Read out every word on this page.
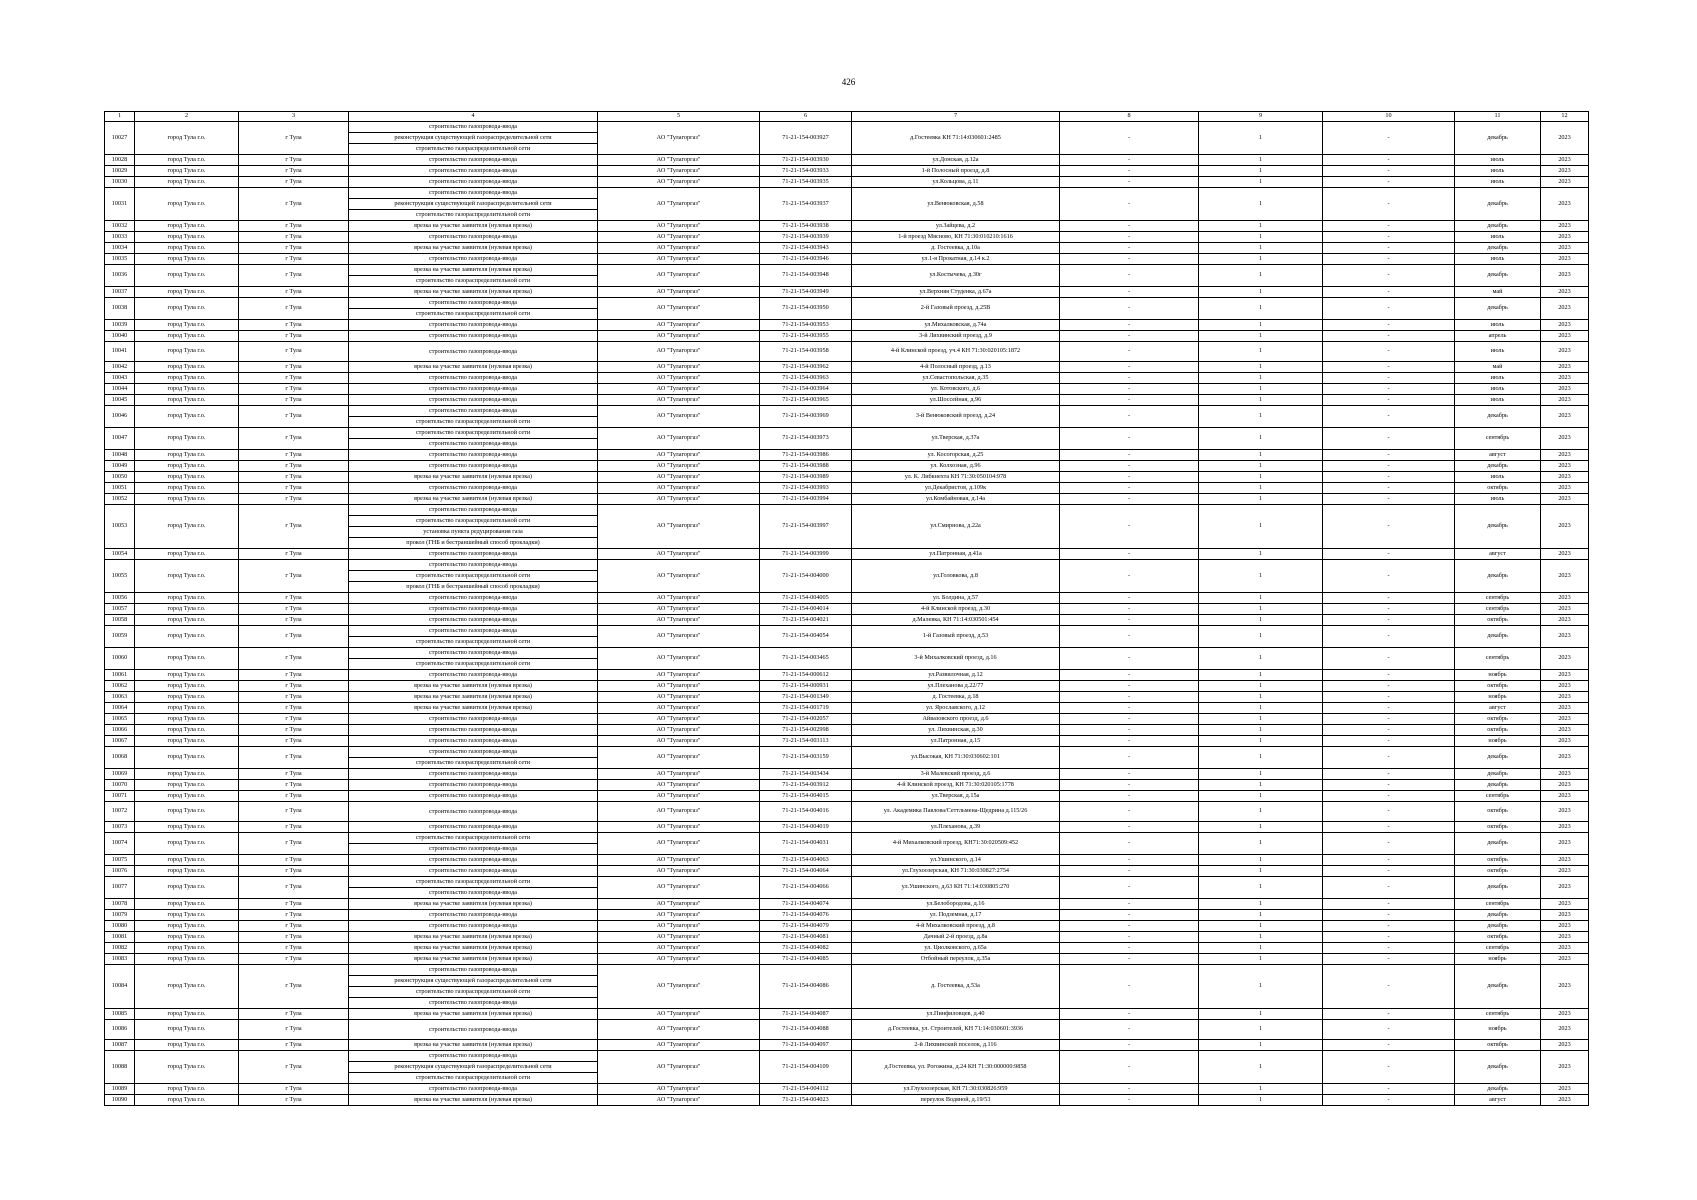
426
1	2	3	4	5	6	7	8	9	10	11	12
10027	город Тула г.о.	г Тула	строительство газопровода-ввода
реконструкция существующей газораспределительной сети
строительство газораспределительной сети	АО "Тулагоргаз"	71-21-154-003927	д.Гостеевка КН 71:14:030601:2485	-	1	-	декабрь	2023
10028	город Тула г.о.	г Тула	строительство газопровода-ввода	АО "Тулагоргаз"	71-21-154-003930	ул.Донская, д.12а	-	1	-	июль	2023
10029	город Тула г.о.	г Тула	строительство газопровода-ввода	АО "Тулагоргаз"	71-21-154-003933	1-й Полосный проезд, д.8	-	1	-	июль	2023
10030	город Тула г.о.	г Тула	строительство газопровода-ввода	АО "Тулагоргаз"	71-21-154-003935	ул.Кольцова, д.11	-	1	-	июль	2023
10031	город Тула г.о.	г Тула	строительство газопровода-ввода
реконструкция существующей газораспределительной сети
строительство газораспределительной сети	АО "Тулагоргаз"	71-21-154-003937	ул.Венюковская, д.58	-	1	-	декабрь	2023
10032	город Тула г.о.	г Тула	врезка на участке заявителя (нулевая врезка)	АО "Тулагоргаз"	71-21-154-003938	ул.Зайцева, д.2	-	1	-	декабрь	2023
10033	город Тула г.о.	г Тула	строительство газопровода-ввода	АО "Тулагоргаз"	71-21-154-003939	1-й проезд Мясново, КН 71:30:010210:1616	-	1	-	июль	2023
10034	город Тула г.о.	г Тула	врезка на участке заявителя (нулевая врезка)	АО "Тулагоргаз"	71-21-154-003943	д. Гостеевка, д.10а	-	1	-	декабрь	2023
10035	город Тула г.о.	г Тула	строительство газопровода-ввода	АО "Тулагоргаз"	71-21-154-003946	ул.1-я Прокатная, д.14 к.2	-	1	-	июль	2023
10036	город Тула г.о.	г Тула	врезка на участке заявителя (нулевая врезка)
строительство газораспределительной сети	АО "Тулагоргаз"	71-21-154-003948	ул.Костычева, д.30г	-	1	-	декабрь	2023
10037	город Тула г.о.	г Тула	врезка на участке заявителя (нулевая врезка)	АО "Тулагоргаз"	71-21-154-003949	ул.Верхняя Студенка, д.67а	-	1	-	май	2023
10038	город Тула г.о.	г Тула	строительство газопровода-ввода
строительство газораспределительной сети	АО "Тулагоргаз"	71-21-154-003950	2-й Газовый проезд, д.25В	-	1	-	декабрь	2023
10039	город Тула г.о.	г Тула	строительство газопровода-ввода	АО "Тулагоргаз"	71-21-154-003953	ул.Михалковская, д.74а	-	1	-	июль	2023
10040	город Тула г.о.	г Тула	строительство газопровода-ввода	АО "Тулагоргаз"	71-21-154-003955	3-й Лихвинский проезд, д.9	-	1	-	апрель	2023
10041	город Тула г.о.	г Тула	строительство газопровода-ввода	АО "Тулагоргаз"	71-21-154-003958	4-й Клинской проезд, уч.4 КН 71:30:020105:1872	-	1	-	июль	2023
10042	город Тула г.о.	г Тула	врезка на участке заявителя (нулевая врезка)	АО "Тулагоргаз"	71-21-154-003962	4-й Полосный проезд, д.13	-	1	-	май	2023
10043	город Тула г.о.	г Тула	строительство газопровода-ввода	АО "Тулагоргаз"	71-21-154-003963	ул.Севастопольская, д.35	-	1	-	июль	2023
10044	город Тула г.о.	г Тула	строительство газопровода-ввода	АО "Тулагоргаз"	71-21-154-003964	ул. Котовского, д.6	-	1	-	июль	2023
10045	город Тула г.о.	г Тула	строительство газопровода-ввода	АО "Тулагоргаз"	71-21-154-003965	ул.Шоссейная, д.96	-	1	-	июль	2023
10046	город Тула г.о.	г Тула	строительство газопровода-ввода
строительство газораспределительной сети	АО "Тулагоргаз"	71-21-154-003969	3-й Венюковский проезд, д.24	-	1	-	декабрь	2023
10047	город Тула г.о.	г Тула	строительство газораспределительной сети
строительство газопровода-ввода	АО "Тулагоргаз"	71-21-154-003973	ул.Тверская, д.37а	-	1	-	сентябрь	2023
10048	город Тула г.о.	г Тула	строительство газопровода-ввода	АО "Тулагоргаз"	71-21-154-003986	ул. Косогорская, д.25	-	1	-	август	2023
10049	город Тула г.о.	г Тула	строительство газопровода-ввода	АО "Тулагоргаз"	71-21-154-003988	ул. Колхозная, д.96	-	1	-	декабрь	2023
10050	город Тула г.о.	г Тула	врезка на участке заявителя (нулевая врезка)	АО "Тулагоргаз"	71-21-154-003989	ул. К. Либкнехта КН 71:30:050104:978	-	1	-	июль	2023
10051	город Тула г.о.	г Тула	строительство газопровода-ввода	АО "Тулагоргаз"	71-21-154-003993	ул.Декабристов, д.109к	-	1	-	октябрь	2023
10052	город Тула г.о.	г Тула	врезка на участке заявителя (нулевая врезка)	АО "Тулагоргаз"	71-21-154-003994	ул.Комбайновая, д.14а	-	1	-	июль	2023
10053	город Тула г.о.	г Тула	строительство газопровода-ввода
строительство газораспределительной сети
установка пункта редуцирования газа
прокол (ГНБ и бестраншейный способ прокладки)	АО "Тулагоргаз"	71-21-154-003997	ул.Смирнова, д.22а	-	1	-	декабрь	2023
10054	город Тула г.о.	г Тула	строительство газопровода-ввода	АО "Тулагоргаз"	71-21-154-003999	ул.Патронная, д.41а	-	1	-	август	2023
10055	город Тула г.о.	г Тула	строительство газопровода-ввода
строительство газораспределительной сети
прокол (ГНБ и бестраншейный способ прокладки)	АО "Тулагоргаз"	71-21-154-004000	ул.Головкова, д.8	-	1	-	декабрь	2023
10056	город Тула г.о.	г Тула	строительство газопровода-ввода	АО "Тулагоргаз"	71-21-154-004005	ул. Болдина, д.57	-	1	-	сентябрь	2023
10057	город Тула г.о.	г Тула	строительство газопровода-ввода	АО "Тулагоргаз"	71-21-154-004014	4-й Клинской проезд, д.30	-	1	-	сентябрь	2023
10058	город Тула г.о.	г Тула	строительство газопровода-ввода	АО "Тулагоргаз"	71-21-154-004021	д.Малевка, КН 71:14:030501:454	-	1	-	октябрь	2023
10059	город Тула г.о.	г Тула	строительство газопровода-ввода
строительство газораспределительной сети	АО "Тулагоргаз"	71-21-154-004054	1-й Газовый проезд, д.53	-	1	-	декабрь	2023
10060	город Тула г.о.	г Тула	строительство газопровода-ввода
строительство газораспределительной сети	АО "Тулагоргаз"	71-21-154-003465	3-й Михалковский проезд, д.16	-	1	-	сентябрь	2023
10061	город Тула г.о.	г Тула	строительство газопровода-ввода	АО "Тулагоргаз"	71-21-154-000612	ул.Развилочная, д.12	-	1	-	ноябрь	2023
10062	город Тула г.о.	г Тула	врезка на участке заявителя (нулевая врезка)	АО "Тулагоргаз"	71-21-154-000931	ул.Плеханова д.22/77	-	1	-	октябрь	2023
10063	город Тула г.о.	г Тула	врезка на участке заявителя (нулевая врезка)	АО "Тулагоргаз"	71-21-154-001349	д. Гостеевка, д.18	-	1	-	ноябрь	2023
10064	город Тула г.о.	г Тула	врезка на участке заявителя (нулевая врезка)	АО "Тулагоргаз"	71-21-154-001719	ул. Ярославского, д.12	-	1	-	август	2023
10065	город Тула г.о.	г Тула	строительство газопровода-ввода	АО "Тулагоргаз"	71-21-154-002057	Айвазовского проезд, д.6	-	1	-	октябрь	2023
10066	город Тула г.о.	г Тула	строительство газопровода-ввода	АО "Тулагоргаз"	71-21-154-002998	ул. Лихвинская, д.30	-	1	-	октябрь	2023
10067	город Тула г.о.	г Тула	строительство газопровода-ввода	АО "Тулагоргаз"	71-21-154-003113	ул.Патронная, д.15	-	1	-	ноябрь	2023
10068	город Тула г.о.	г Тула	строительство газопровода-ввода
строительство газораспределительной сети	АО "Тулагоргаз"	71-21-154-003159	ул.Высокая, КН 71:30:030602:101	-	1	-	декабрь	2023
10069	город Тула г.о.	г Тула	строительство газопровода-ввода	АО "Тулагоргаз"	71-21-154-003434	3-й Малевский проезд, д.6	-	1	-	декабрь	2023
10070	город Тула г.о.	г Тула	строительство газопровода-ввода	АО "Тулагоргаз"	71-21-154-003912	4-й Клинской проезд, КН 71:30:020105:1778	-	1	-	декабрь	2023
10071	город Тула г.о.	г Тула	строительство газопровода-ввода	АО "Тулагоргаз"	71-21-154-004015	ул.Тверская, д.15а	-	1	-	сентябрь	2023
10072	город Тула г.о.	г Тула	строительство газопровода-ввода	АО "Тулагоргаз"	71-21-154-004016	ул. Академика Павлова/Сеттльмена-Щедрина д.115/26	-	1	-	октябрь	2023
10073	город Тула г.о.	г Тула	строительство газопровода-ввода	АО "Тулагоргаз"	71-21-154-004019	ул.Плеханова, д.39	-	1	-	октябрь	2023
10074	город Тула г.о.	г Тула	строительство газораспределительной сети
строительство газопровода-ввода	АО "Тулагоргаз"	71-21-154-004031	4-й Михалковский проезд, КН71:30:020509:452	-	1	-	декабрь	2023
10075	город Тула г.о.	г Тула	строительство газопровода-ввода	АО "Тулагоргаз"	71-21-154-004063	ул.Ушинского, д.14	-	1	-	октябрь	2023
10076	город Тула г.о.	г Тула	строительство газопровода-ввода	АО "Тулагоргаз"	71-21-154-004064	ул.Глухоозерская, КН 71:30:030827:2754	-	1	-	октябрь	2023
10077	город Тула г.о.	г Тула	строительство газораспределительной сети
строительство газопровода-ввода	АО "Тулагоргаз"	71-21-154-004066	ул.Ушинского, д.63 КН 71:14:030805:270	-	1	-	декабрь	2023
10078	город Тула г.о.	г Тула	врезка на участке заявителя (нулевая врезка)	АО "Тулагоргаз"	71-21-154-004074	ул.Белобородова, д.16	-	1	-	сентябрь	2023
10079	город Тула г.о.	г Тула	строительство газопровода-ввода	АО "Тулагоргаз"	71-21-154-004076	ул. Подземная, д.17	-	1	-	декабрь	2023
10080	город Тула г.о.	г Тула	строительство газопровода-ввода	АО "Тулагоргаз"	71-21-154-004079	4-й Михалковский проезд, д.8	-	1	-	декабрь	2023
10081	город Тула г.о.	г Тула	врезка на участке заявителя (нулевая врезка)	АО "Тулагоргаз"	71-21-154-004081	Дачный 2-й проезд, д.8а	-	1	-	октябрь	2023
10082	город Тула г.о.	г Тула	врезка на участке заявителя (нулевая врезка)	АО "Тулагоргаз"	71-21-154-004082	ул. Циолковского, д.65а	-	1	-	сентябрь	2023
10083	город Тула г.о.	г Тула	врезка на участке заявителя (нулевая врезка)	АО "Тулагоргаз"	71-21-154-004085	Отбойный переулок, д.35а	-	1	-	ноябрь	2023
10084	город Тула г.о.	г Тула	строительство газопровода-ввода
реконструкция существующей газораспределительной сети
строительство газораспределительной сети
строительство газопровода-ввода	АО "Тулагоргаз"	71-21-154-004086	д. Гостеевка, д.53а	-	1	-	декабрь	2023
10085	город Тула г.о.	г Тула	врезка на участке заявителя (нулевая врезка)	АО "Тулагоргаз"	71-21-154-004087	ул.Пинфиловцев, д.40	-	1	-	сентябрь	2023
10086	город Тула г.о.	г Тула	строительство газопровода-ввода	АО "Тулагоргаз"	71-21-154-004088	д.Гостеевка, ул. Строителей, КН 71:14:030601:3936	-	1	-	ноябрь	2023
10087	город Тула г.о.	г Тула	врезка на участке заявителя (нулевая врезка)	АО "Тулагоргаз"	71-21-154-004097	2-й Лихвинский поселок, д.116	-	1	-	октябрь	2023
10088	город Тула г.о.	г Тула	строительство газопровода-ввода
реконструкция существующей газораспределительной сети
строительство газораспределительной сети	АО "Тулагоргаз"	71-21-154-004109	д.Гостеевка, ул. Рогожина, д.24 КН 71:30:000000:9858	-	1	-	декабрь	2023
10089	город Тула г.о.	г Тула	строительство газопровода-ввода	АО "Тулагоргаз"	71-21-154-004112	ул.Глухоозерская, КН 71:30:030826:959	-	1	-	декабрь	2023
10090	город Тула г.о.	г Тула	врезка на участке заявителя (нулевая врезка)	АО "Тулагоргаз"	71-21-154-004023	переулок Водяной, д.19/53	-	1	-	август	2023
